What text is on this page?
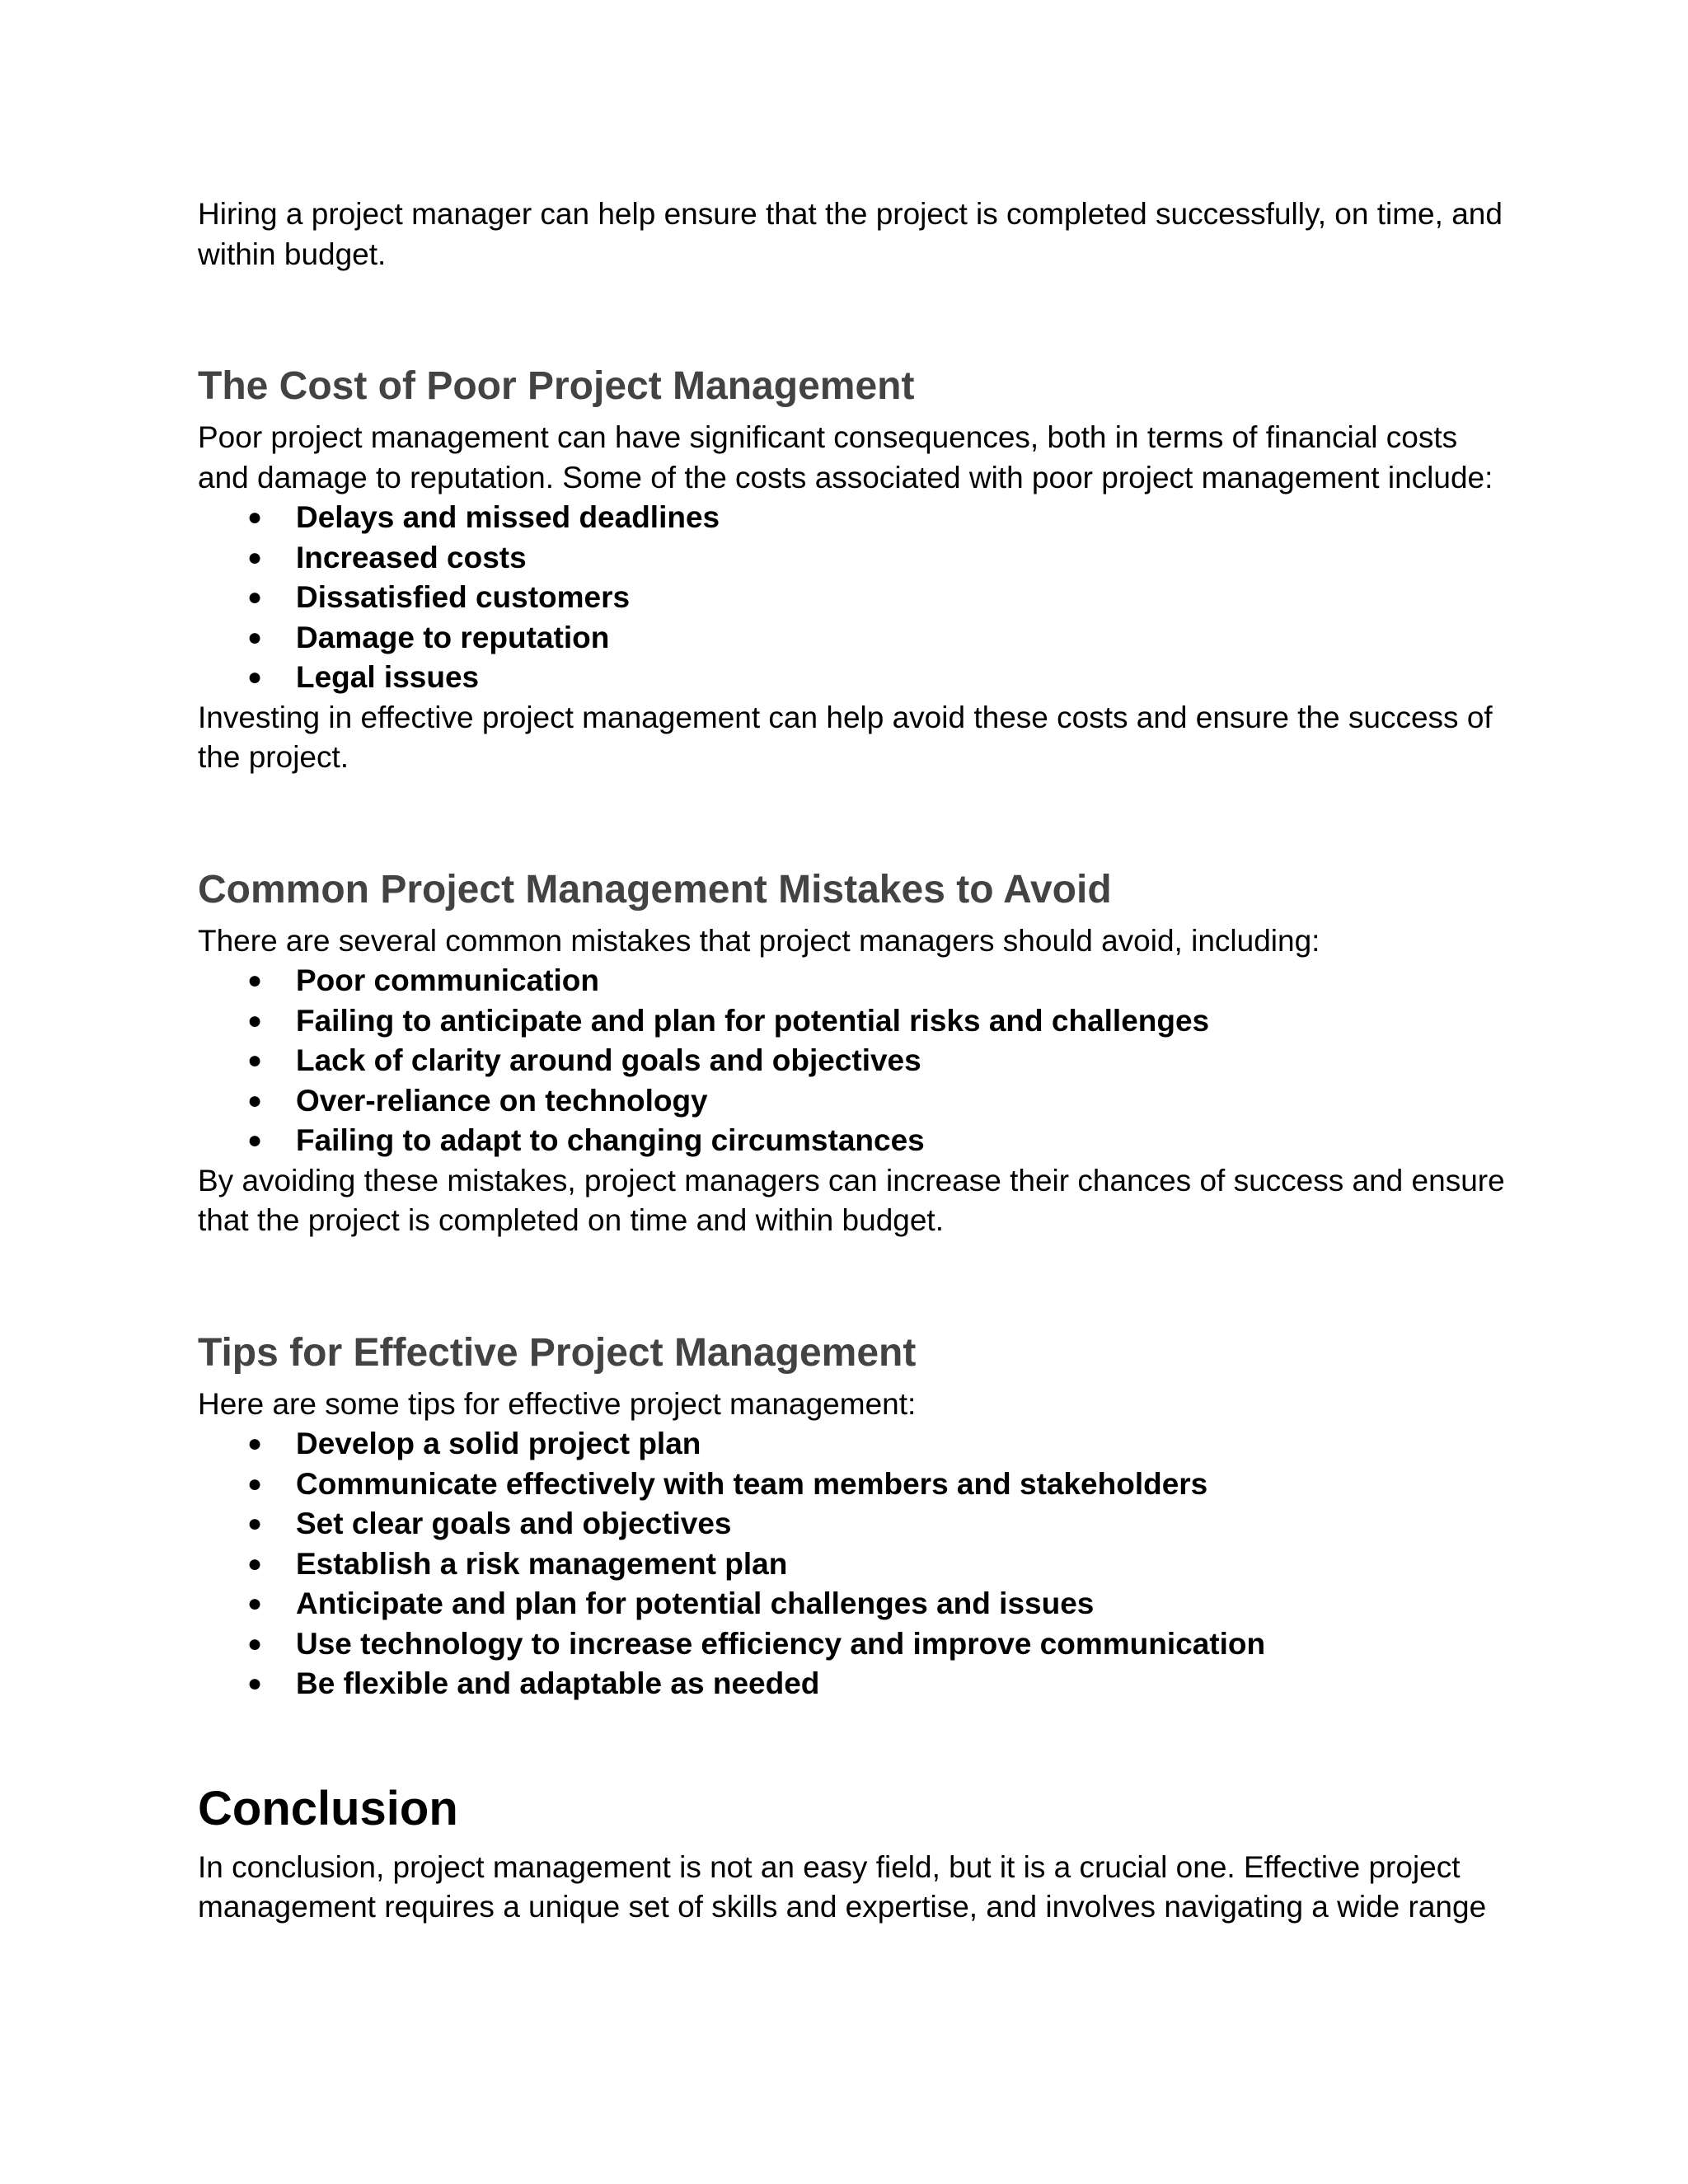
Hiring a project manager can help ensure that the project is completed successfully, on time, and within budget.

The Cost of Poor Project Management

Poor project management can have significant consequences, both in terms of financial costs and damage to reputation. Some of the costs associated with poor project management include:

● Delays and missed deadlines
● Increased costs
● Dissatisfied customers
● Damage to reputation
● Legal issues

Investing in effective project management can help avoid these costs and ensure the success of the project.

Common Project Management Mistakes to Avoid

There are several common mistakes that project managers should avoid, including:

● Poor communication
● Failing to anticipate and plan for potential risks and challenges
● Lack of clarity around goals and objectives
● Over-reliance on technology
● Failing to adapt to changing circumstances

By avoiding these mistakes, project managers can increase their chances of success and ensure that the project is completed on time and within budget.

Tips for Effective Project Management

Here are some tips for effective project management:

● Develop a solid project plan
● Communicate effectively with team members and stakeholders
● Set clear goals and objectives
● Establish a risk management plan
● Anticipate and plan for potential challenges and issues
● Use technology to increase efficiency and improve communication
● Be flexible and adaptable as needed
Conclusion

In conclusion, project management is not an easy field, but it is a crucial one. Effective project management requires a unique set of skills and expertise, and involves navigating a wide range
